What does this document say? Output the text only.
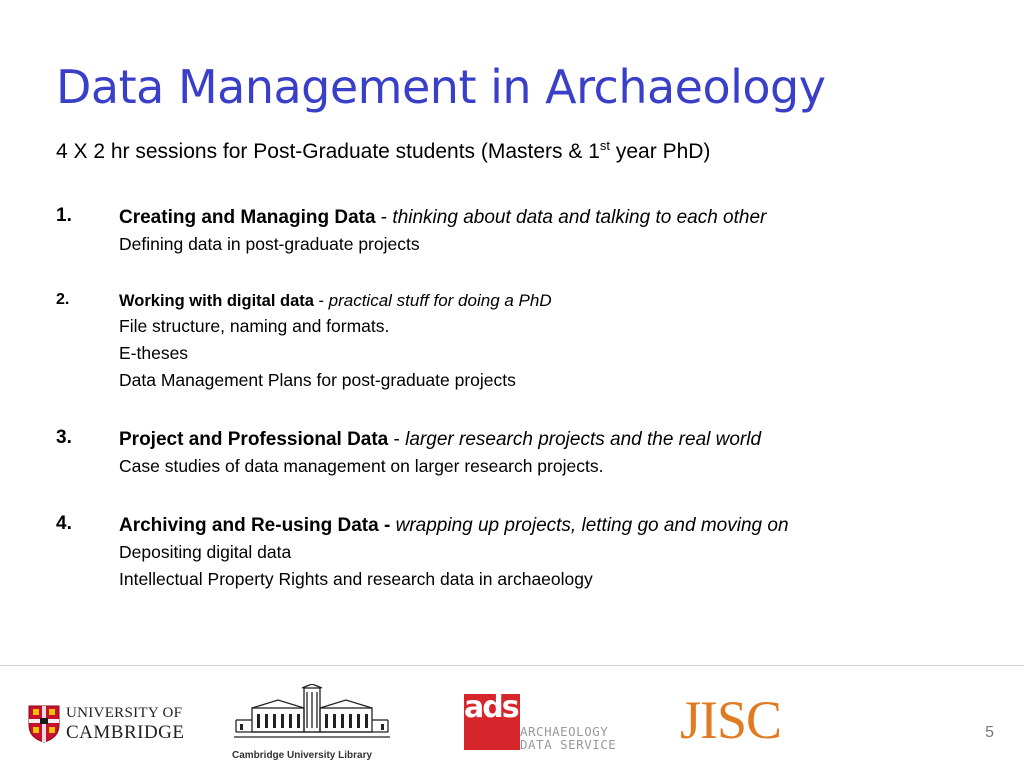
Data Management in Archaeology
4 X 2 hr sessions for Post-Graduate students (Masters & 1st year PhD)
1. Creating and Managing Data - thinking about data and talking to each other
Defining data in post-graduate projects
2.	Working with digital data - practical stuff for doing a PhD
File structure, naming and formats.
E-theses
Data Management Plans for post-graduate projects
3. Project and Professional Data - larger research projects and the real world
Case studies of data management on larger research projects.
4. Archiving and Re-using Data - wrapping up projects, letting go and moving on
Depositing digital data
Intellectual Property Rights and research data in archaeology
UNIVERSITY OF
CAMBRIDGE
Cambridge University Library
ads
ARCHAEOLOGY
DATA SERVICE JISC	5
